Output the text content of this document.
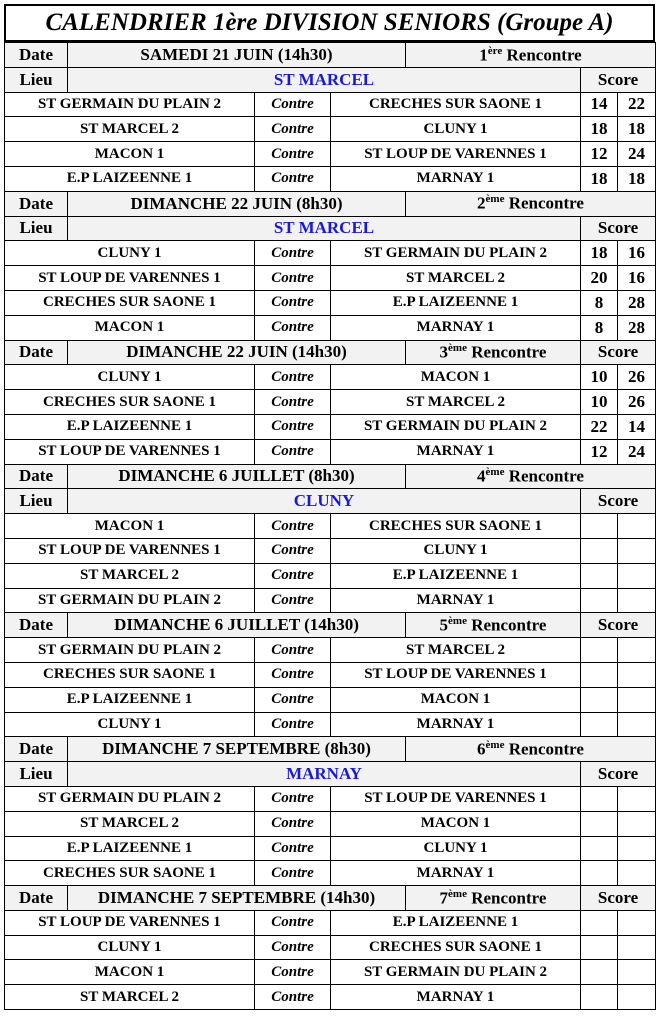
CALENDRIER 1ère DIVISION SENIORS (Groupe A)
Date	SAMEDI 21 JUIN (14h30)			1ère Rencontre		
Lieu	ST MARCEL				Score	
ST GERMAIN DU PLAIN 2		Contre	CRECHES SUR SAONE 1		14	22
ST MARCEL 2		Contre	CLUNY 1		18	18
MACON 1		Contre	ST LOUP DE VARENNES 1		12	24
E.P LAIZEENNE 1		Contre	MARNAY 1		18	18
Date	DIMANCHE 22 JUIN (8h30)			2ème Rencontre		
Lieu	ST MARCEL				Score	
CLUNY 1		Contre	ST GERMAIN DU PLAIN 2		18	16
ST LOUP DE VARENNES 1		Contre	ST MARCEL 2		20	16
CRECHES SUR SAONE 1		Contre	E.P LAIZEENNE 1		8	28
MACON 1		Contre	MARNAY 1		8	28
Date	DIMANCHE 22 JUIN (14h30)			3ème Rencontre	Score	
CLUNY 1		Contre	MACON 1		10	26
CRECHES SUR SAONE 1		Contre	ST MARCEL 2		10	26
E.P LAIZEENNE 1		Contre	ST GERMAIN DU PLAIN 2		22	14
ST LOUP DE VARENNES 1		Contre	MARNAY 1		12	24
Date	DIMANCHE 6 JUILLET (8h30)			4ème Rencontre		
Lieu	CLUNY				Score	
MACON 1		Contre	CRECHES SUR SAONE 1			
ST LOUP DE VARENNES 1		Contre	CLUNY 1			
ST MARCEL 2		Contre	E.P LAIZEENNE 1			
ST GERMAIN DU PLAIN 2		Contre	MARNAY 1			
Date	DIMANCHE 6 JUILLET (14h30)			5ème Rencontre	Score	
ST GERMAIN DU PLAIN 2		Contre	ST MARCEL 2			
CRECHES SUR SAONE 1		Contre	ST LOUP DE VARENNES 1			
E.P LAIZEENNE 1		Contre	MACON 1			
CLUNY 1		Contre	MARNAY 1			
Date	DIMANCHE 7 SEPTEMBRE (8h30)			6ème Rencontre		
Lieu	MARNAY				Score	
ST GERMAIN DU PLAIN 2		Contre	ST LOUP DE VARENNES 1			
ST MARCEL 2		Contre	MACON 1			
E.P LAIZEENNE 1		Contre	CLUNY 1			
CRECHES SUR SAONE 1		Contre	MARNAY 1			
Date	DIMANCHE 7 SEPTEMBRE (14h30)			7ème Rencontre	Score	
ST LOUP DE VARENNES 1		Contre	E.P LAIZEENNE 1			
CLUNY 1		Contre	CRECHES SUR SAONE 1			
MACON 1		Contre	ST GERMAIN DU PLAIN 2			
ST MARCEL 2		Contre	MARNAY 1			
